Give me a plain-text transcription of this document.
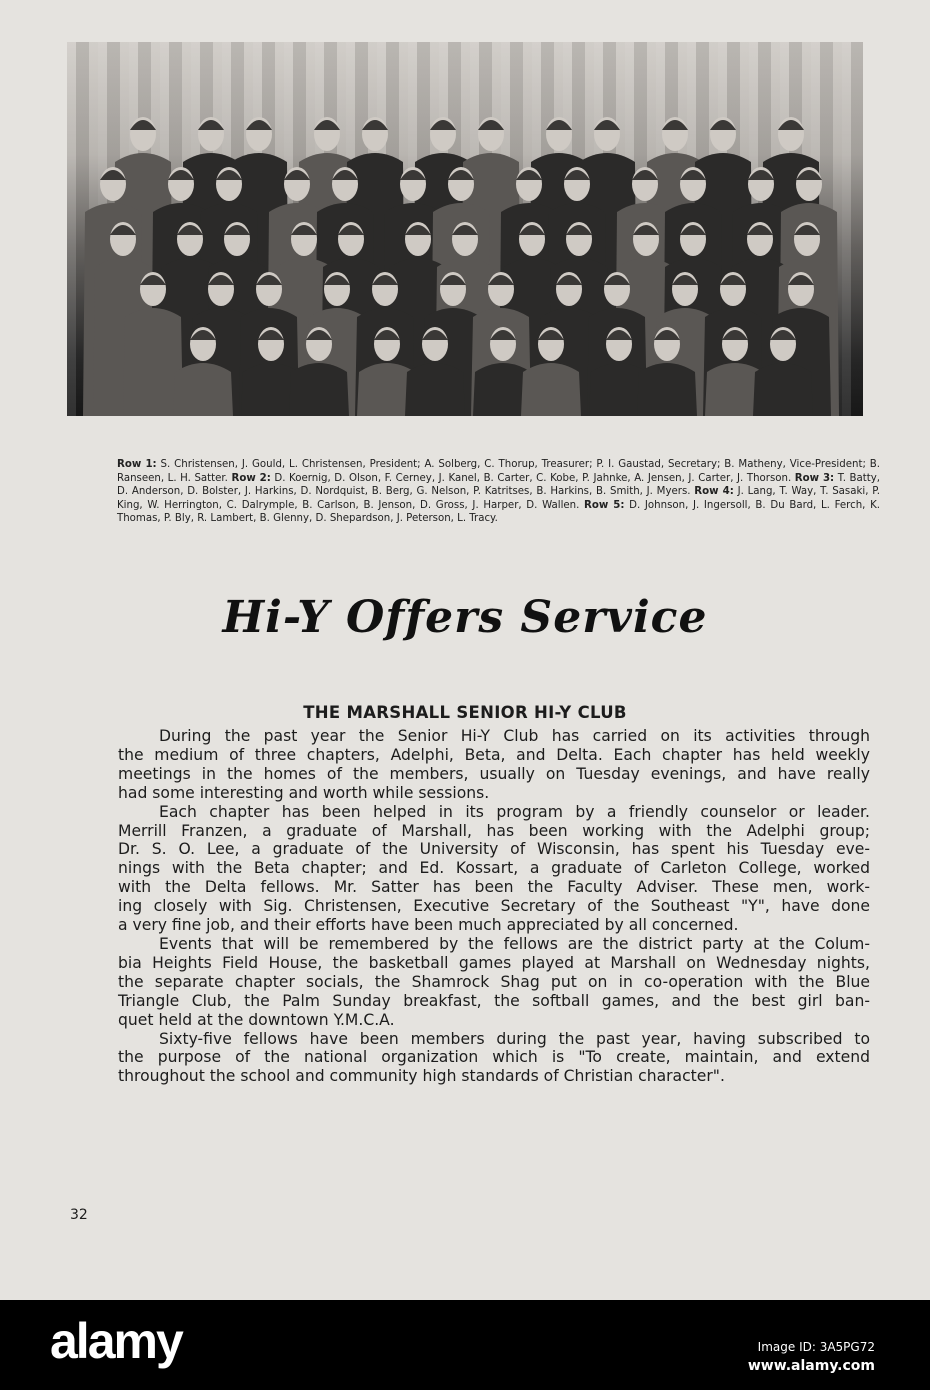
Row 1: S. Christensen, J. Gould, L. Christensen, President; A. Solberg, C. Thorup, Treasurer; P. I. Gaustad, Secretary; B. Matheny, Vice-President; B. Ranseen, L. H. Satter. Row 2: D. Koernig, D. Olson, F. Cerney, J. Kanel, B. Carter, C. Kobe, P. Jahnke, A. Jensen, J. Carter, J. Thorson. Row 3: T. Batty, D. Anderson, D. Bolster, J. Harkins, D. Nordquist, B. Berg, G. Nelson, P. Katritses, B. Harkins, B. Smith, J. Myers. Row 4: J. Lang, T. Way, T. Sasaki, P. King, W. Herrington, C. Dalrymple, B. Carlson, B. Jenson, D. Gross, J. Harper, D. Wallen. Row 5: D. Johnson, J. Ingersoll, B. Du Bard, L. Ferch, K. Thomas, P. Bly, R. Lambert, B. Glenny, D. Shepardson, J. Peterson, L. Tracy.
Hi-Y Offers Service
THE MARSHALL SENIOR HI-Y CLUB
During the past year the Senior Hi-Y Club has carried on its activities through
the medium of three chapters, Adelphi, Beta, and Delta. Each chapter has held weekly
meetings in the homes of the members, usually on Tuesday evenings, and have really
had some interesting and worth while sessions.
Each chapter has been helped in its program by a friendly counselor or leader.
Merrill Franzen, a graduate of Marshall, has been working with the Adelphi group;
Dr. S. O. Lee, a graduate of the University of Wisconsin, has spent his Tuesday eve-
nings with the Beta chapter; and Ed. Kossart, a graduate of Carleton College, worked
with the Delta fellows. Mr. Satter has been the Faculty Adviser. These men, work-
ing closely with Sig. Christensen, Executive Secretary of the Southeast "Y", have done
a very fine job, and their efforts have been much appreciated by all concerned.
Events that will be remembered by the fellows are the district party at the Colum-
bia Heights Field House, the basketball games played at Marshall on Wednesday nights,
the separate chapter socials, the Shamrock Shag put on in co-operation with the Blue
Triangle Club, the Palm Sunday breakfast, the softball games, and the best girl ban-
quet held at the downtown Y.M.C.A.
Sixty-five fellows have been members during the past year, having subscribed to
the purpose of the national organization which is "To create, maintain, and extend
throughout the school and community high standards of Christian character".
32
alamy	Image ID: 3A5PG72
www.alamy.com
